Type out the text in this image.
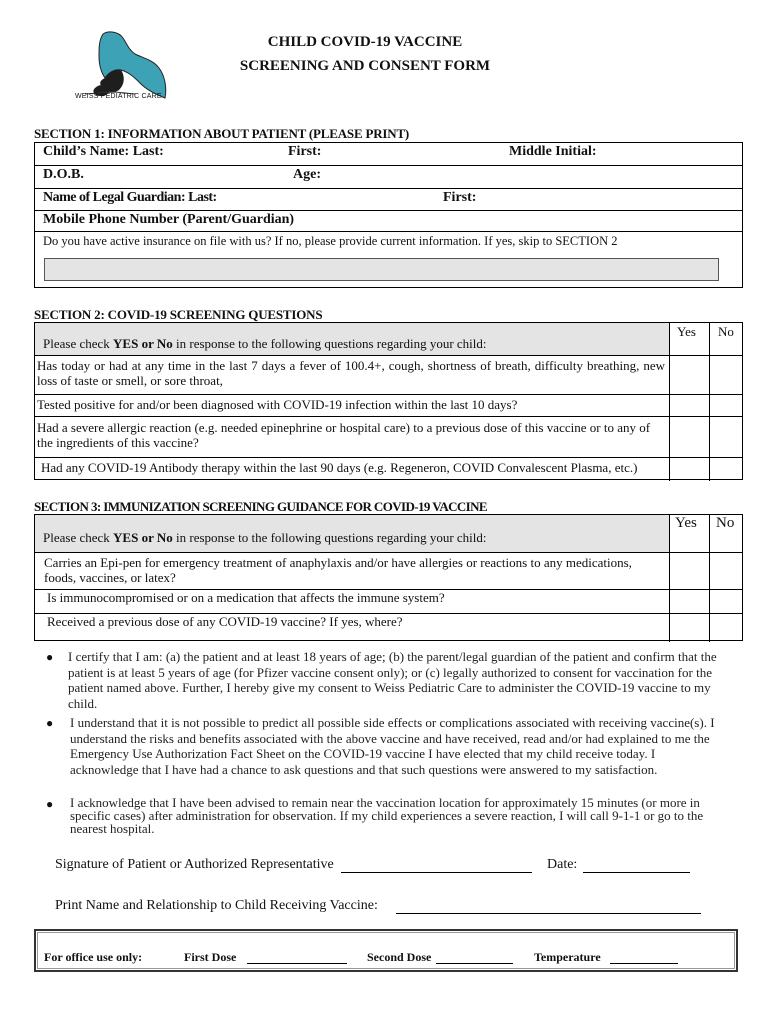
WEISS PEDIATRIC CARE
CHILD COVID-19 VACCINE
SCREENING AND CONSENT FORM
SECTION 1: INFORMATION ABOUT PATIENT (PLEASE PRINT)
Child’s Name: Last:	First:	Middle Initial:
D.O.B.	Age:
Name of Legal Guardian: Last:	First:
Mobile Phone Number (Parent/Guardian)
Do you have active insurance on file with us? If no, please provide current information. If yes, skip to SECTION 2
SECTION 2: COVID-19 SCREENING QUESTIONS
Please check YES or No in response to the following questions regarding your child:
Yes No
Has today or had at any time in the last 7 days a fever of 100.4+, cough, shortness of breath, difficulty breathing, new loss of taste or smell, or sore throat,
Tested positive for and/or been diagnosed with COVID-19 infection within the last 10 days?
Had a severe allergic reaction (e.g. needed epinephrine or hospital care) to a previous dose of this vaccine or to any of the ingredients of this vaccine?
Had any COVID-19 Antibody therapy within the last 90 days (e.g. Regeneron, COVID Convalescent Plasma, etc.)
SECTION 3: IMMUNIZATION SCREENING GUIDANCE FOR COVID-19 VACCINE
Please check YES or No in response to the following questions regarding your child:
Yes No
Carries an Epi-pen for emergency treatment of anaphylaxis and/or have allergies or reactions to any medications, foods, vaccines, or latex?
Is immunocompromised or on a medication that affects the immune system?
Received a previous dose of any COVID-19 vaccine? If yes, where?
● I certify that I am: (a) the patient and at least 18 years of age; (b) the parent/legal guardian of the patient and confirm that the patient is at least 5 years of age (for Pfizer vaccine consent only); or (c) legally authorized to consent for vaccination for the patient named above. Further, I hereby give my consent to Weiss Pediatric Care to administer the COVID-19 vaccine to my child.
● I understand that it is not possible to predict all possible side effects or complications associated with receiving vaccine(s). I understand the risks and benefits associated with the above vaccine and have received, read and/or had explained to me the Emergency Use Authorization Fact Sheet on the COVID-19 vaccine I have elected that my child receive today. I acknowledge that I have had a chance to ask questions and that such questions were answered to my satisfaction.
● I acknowledge that I have been advised to remain near the vaccination location for approximately 15 minutes (or more in specific cases) after administration for observation. If my child experiences a severe reaction, I will call 9-1-1 or go to the nearest hospital.
Signature of Patient or Authorized Representative	Date:
Print Name and Relationship to Child Receiving Vaccine:
For office use only:	First Dose	Second Dose	Temperature
